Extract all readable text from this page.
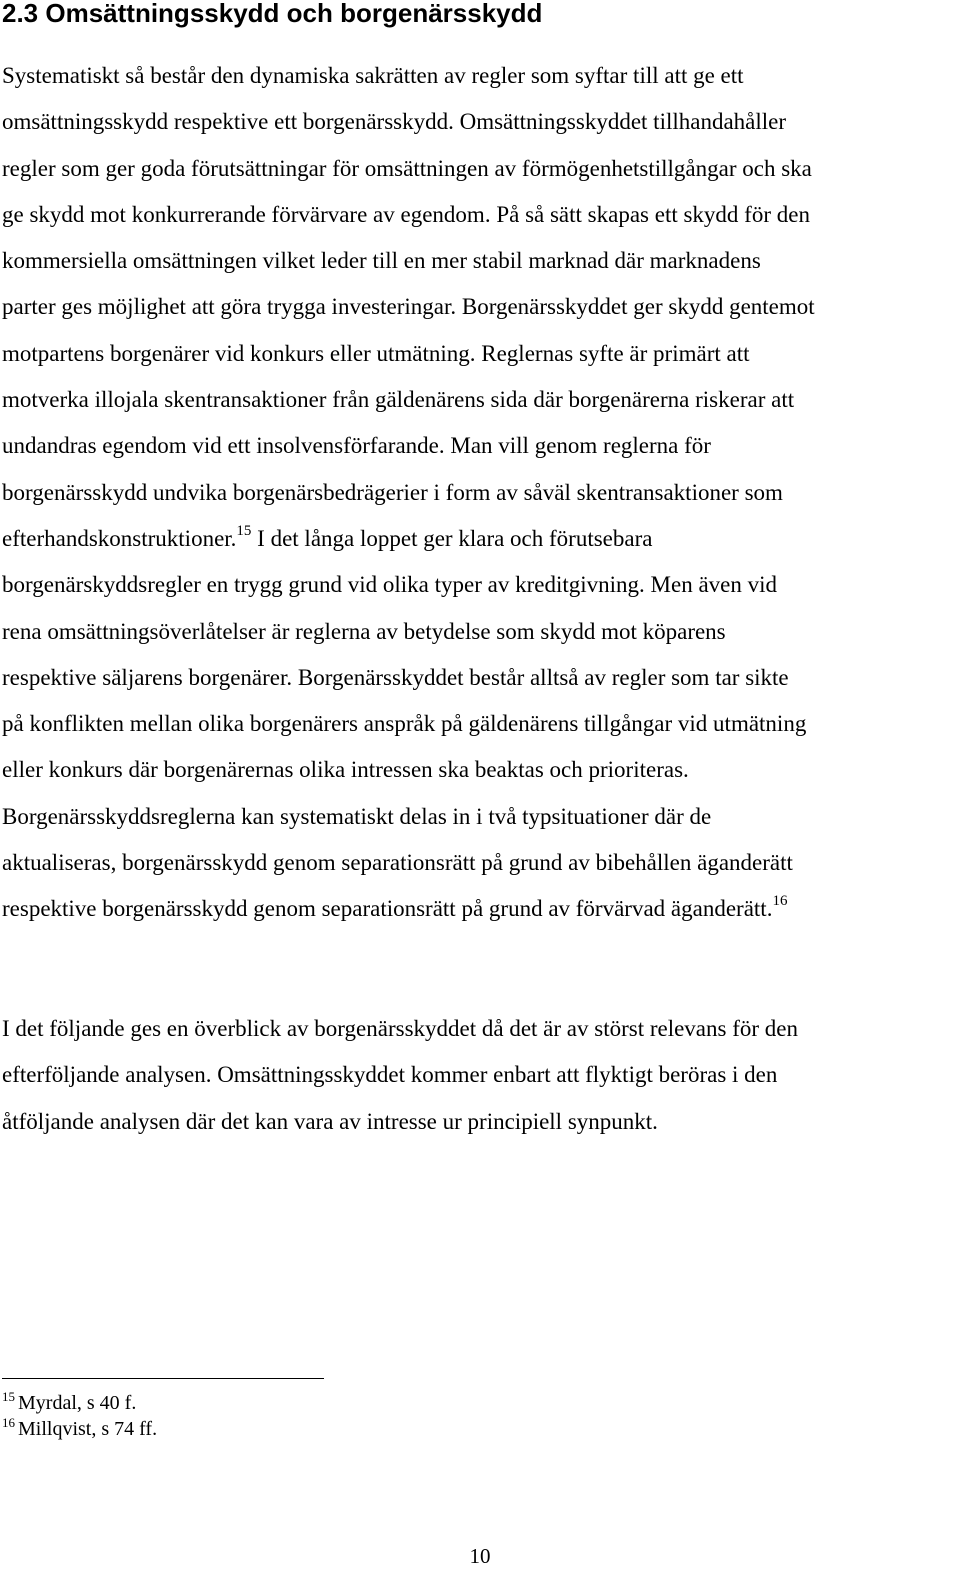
2.3 Omsättningsskydd och borgenärsskydd
Systematiskt så består den dynamiska sakrätten av regler som syftar till att ge ett
omsättningsskydd respektive ett borgenärsskydd. Omsättningsskyddet tillhandahåller
regler som ger goda förutsättningar för omsättningen av förmögenhetstillgångar och ska
ge skydd mot konkurrerande förvärvare av egendom. På så sätt skapas ett skydd för den
kommersiella omsättningen vilket leder till en mer stabil marknad där marknadens
parter ges möjlighet att göra trygga investeringar. Borgenärsskyddet ger skydd gentemot
motpartens borgenärer vid konkurs eller utmätning. Reglernas syfte är primärt att
motverka illojala skentransaktioner från gäldenärens sida där borgenärerna riskerar att
undandras egendom vid ett insolvensförfarande. Man vill genom reglerna för
borgenärsskydd undvika borgenärsbedrägerier i form av såväl skentransaktioner som
efterhandskonstruktioner.$^{15}$ I det långa loppet ger klara och förutsebara
borgenärskyddsregler en trygg grund vid olika typer av kreditgivning. Men även vid
rena omsättningsöverlåtelser är reglerna av betydelse som skydd mot köparens
respektive säljarens borgenärer. Borgenärsskyddet består alltså av regler som tar sikte
på konflikten mellan olika borgenärers anspråk på gäldenärens tillgångar vid utmätning
eller konkurs där borgenärernas olika intressen ska beaktas och prioriteras.
Borgenärsskyddsreglerna kan systematiskt delas in i två typsituationer där de
aktualiseras, borgenärsskydd genom separationsrätt på grund av bibehållen äganderätt
respektive borgenärsskydd genom separationsrätt på grund av förvärvad äganderätt.$^{16}$
I det följande ges en överblick av borgenärsskyddet då det är av störst relevans för den
efterföljande analysen. Omsättningsskyddet kommer enbart att flyktigt beröras i den
åtföljande analysen där det kan vara av intresse ur principiell synpunkt.
$^{15}$ Myrdal, s 40 f.
$^{16}$ Millqvist, s 74 ff.
10
